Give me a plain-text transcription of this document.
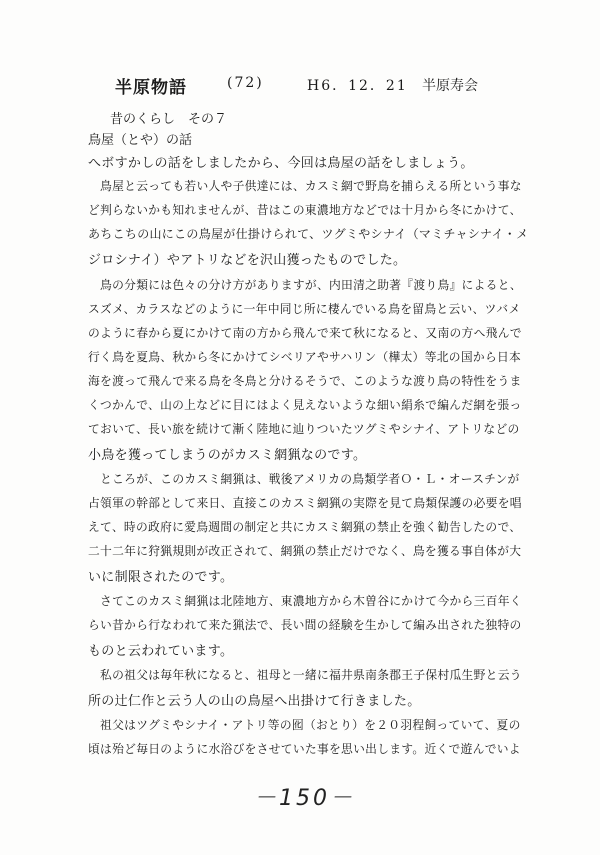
半原物語	(72)	H6．12．21 半原寿会
昔のくらし　その７
鳥屋（とや）の話
へボすかしの話をしましたから、今回は鳥屋の話をしましょう。
　鳥屋と云っても若い人や子供達には、カスミ網で野鳥を捕らえる所という事な
ど判らないかも知れませんが、昔はこの東濃地方などでは十月から冬にかけて、
あちこちの山にこの鳥屋が仕掛けられて、ツグミやシナイ（マミチャシナイ・メ
ジロシナイ）やアトリなどを沢山獲ったものでした。
　鳥の分類には色々の分け方がありますが、内田清之助著『渡り鳥』によると、
スズメ、カラスなどのように一年中同じ所に棲んでいる鳥を留鳥と云い、ツバメ
のように春から夏にかけて南の方から飛んで来て秋になると、又南の方へ飛んで
行く鳥を夏鳥、秋から冬にかけてシベリアやサハリン（樺太）等北の国から日本
海を渡って飛んで来る鳥を冬鳥と分けるそうで、このような渡り鳥の特性をうま
くつかんで、山の上などに目にはよく見えないような細い絹糸で編んだ網を張っ
ておいて、長い旅を続けて漸く陸地に辿りついたツグミやシナイ、アトリなどの
小鳥を獲ってしまうのがカスミ網猟なのです。
　ところが、このカスミ網猟は、戦後アメリカの鳥類学者Ｏ・Ｌ・オースチンが
占領軍の幹部として来日、直接このカスミ網猟の実際を見て鳥類保護の必要を唱
えて、時の政府に愛鳥週間の制定と共にカスミ網猟の禁止を強く勧告したので、
二十二年に狩猟規則が改正されて、網猟の禁止だけでなく、鳥を獲る事自体が大
いに制限されたのです。
　さてこのカスミ網猟は北陸地方、東濃地方から木曽谷にかけて今から三百年く
らい昔から行なわれて来た猟法で、長い間の経験を生かして編み出された独特の
ものと云われています。
　私の祖父は毎年秋になると、祖母と一緒に福井県南条郡王子保村瓜生野と云う
所の辻仁作と云う人の山の鳥屋へ出掛けて行きました。
　祖父はツグミやシナイ・アトリ等の囮（おとり）を２０羽程飼っていて、夏の
頃は殆ど毎日のように水浴びをさせていた事を思い出します。近くで遊んでいよ
－150－
